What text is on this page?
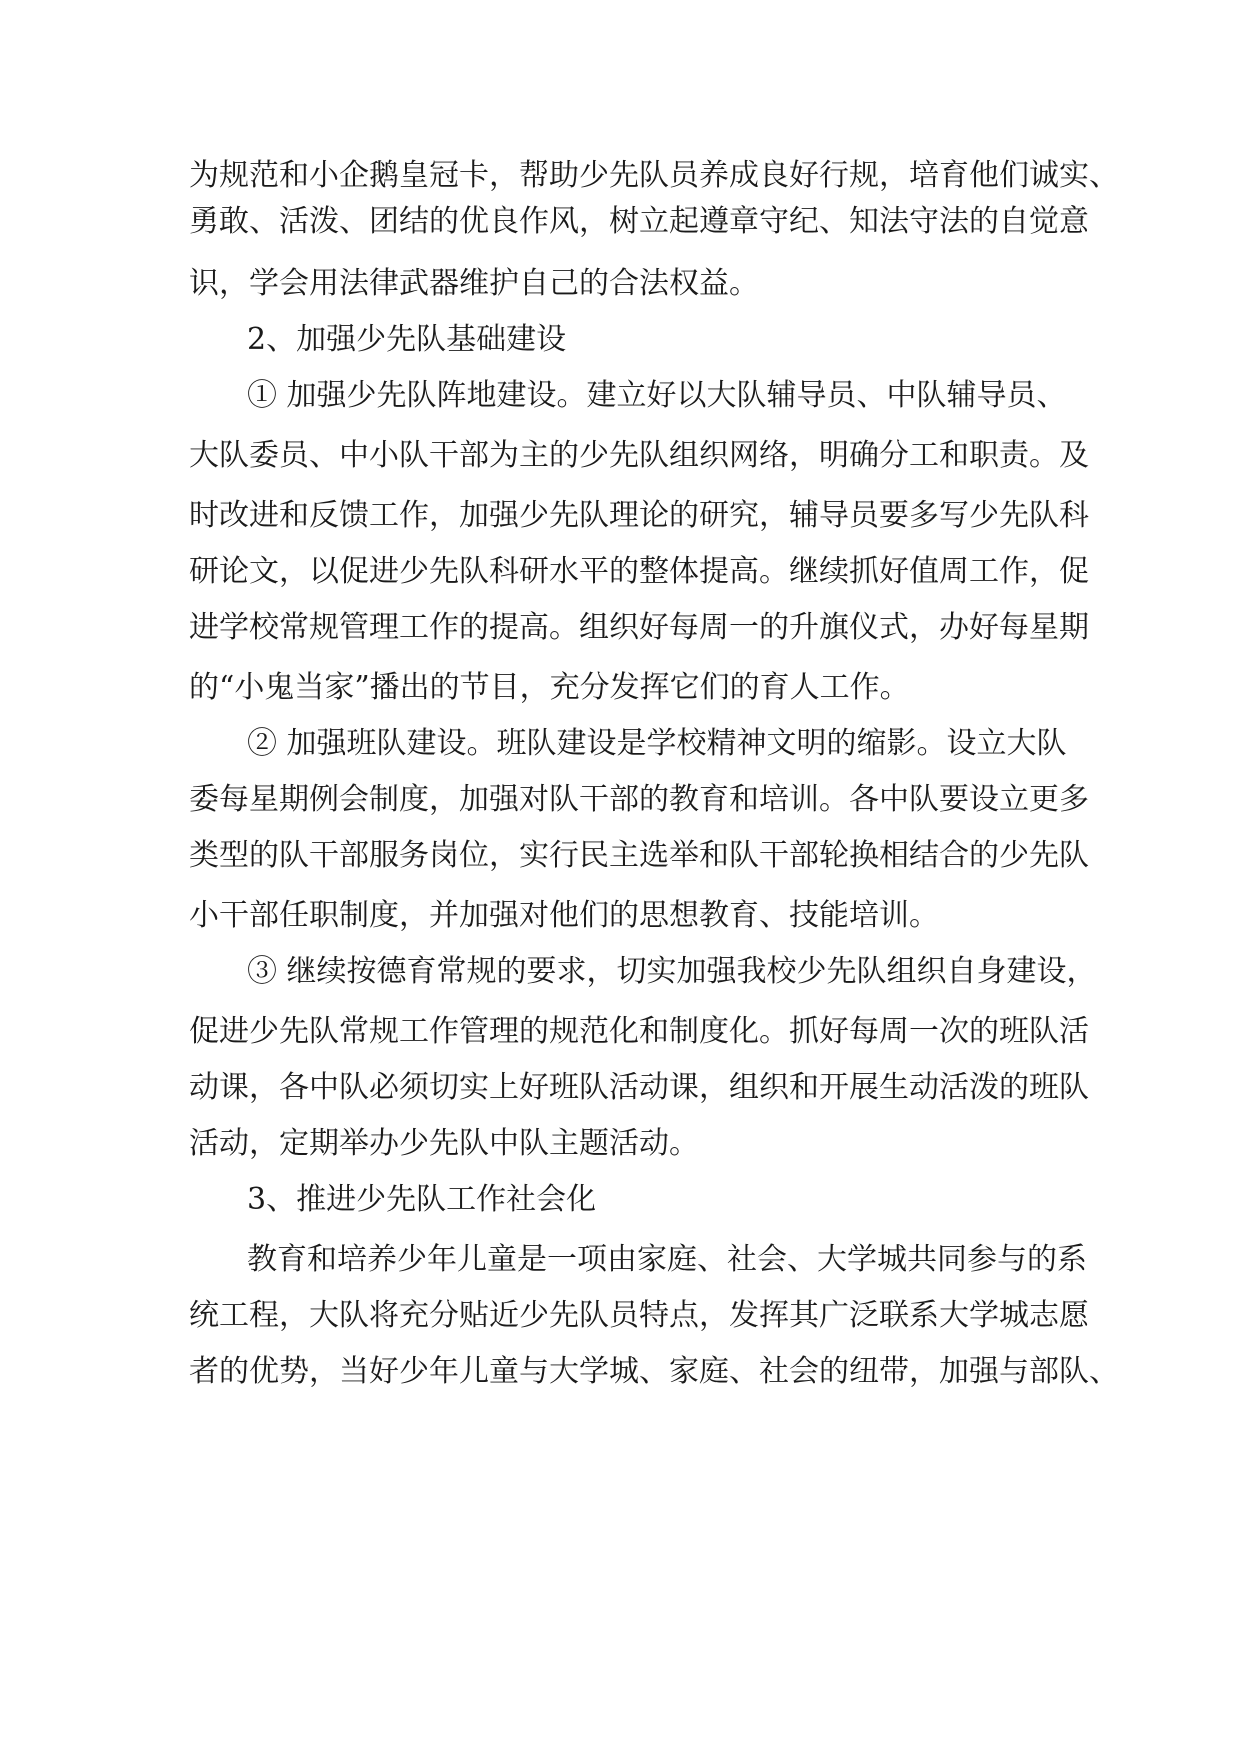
为规范和小企鹅皇冠卡，帮助少先队员养成良好行规，培育他们诚实、
勇敢、活泼、团结的优良作风，树立起遵章守纪、知法守法的自觉意
识，学会用法律武器维护自己的合法权益。
2、加强少先队基础建设
① 加强少先队阵地建设。建立好以大队辅导员、中队辅导员、
大队委员、中小队干部为主的少先队组织网络，明确分工和职责。及
时改进和反馈工作，加强少先队理论的研究，辅导员要多写少先队科
研论文，以促进少先队科研水平的整体提高。继续抓好值周工作，促
进学校常规管理工作的提高。组织好每周一的升旗仪式，办好每星期
的“小鬼当家”播出的节目，充分发挥它们的育人工作。
② 加强班队建设。班队建设是学校精神文明的缩影。设立大队
委每星期例会制度，加强对队干部的教育和培训。各中队要设立更多
类型的队干部服务岗位，实行民主选举和队干部轮换相结合的少先队
小干部任职制度，并加强对他们的思想教育、技能培训。
③ 继续按德育常规的要求，切实加强我校少先队组织自身建设，
促进少先队常规工作管理的规范化和制度化。抓好每周一次的班队活
动课，各中队必须切实上好班队活动课，组织和开展生动活泼的班队
活动，定期举办少先队中队主题活动。
3、推进少先队工作社会化
教育和培养少年儿童是一项由家庭、社会、大学城共同参与的系
统工程，大队将充分贴近少先队员特点，发挥其广泛联系大学城志愿
者的优势，当好少年儿童与大学城、家庭、社会的纽带，加强与部队、
